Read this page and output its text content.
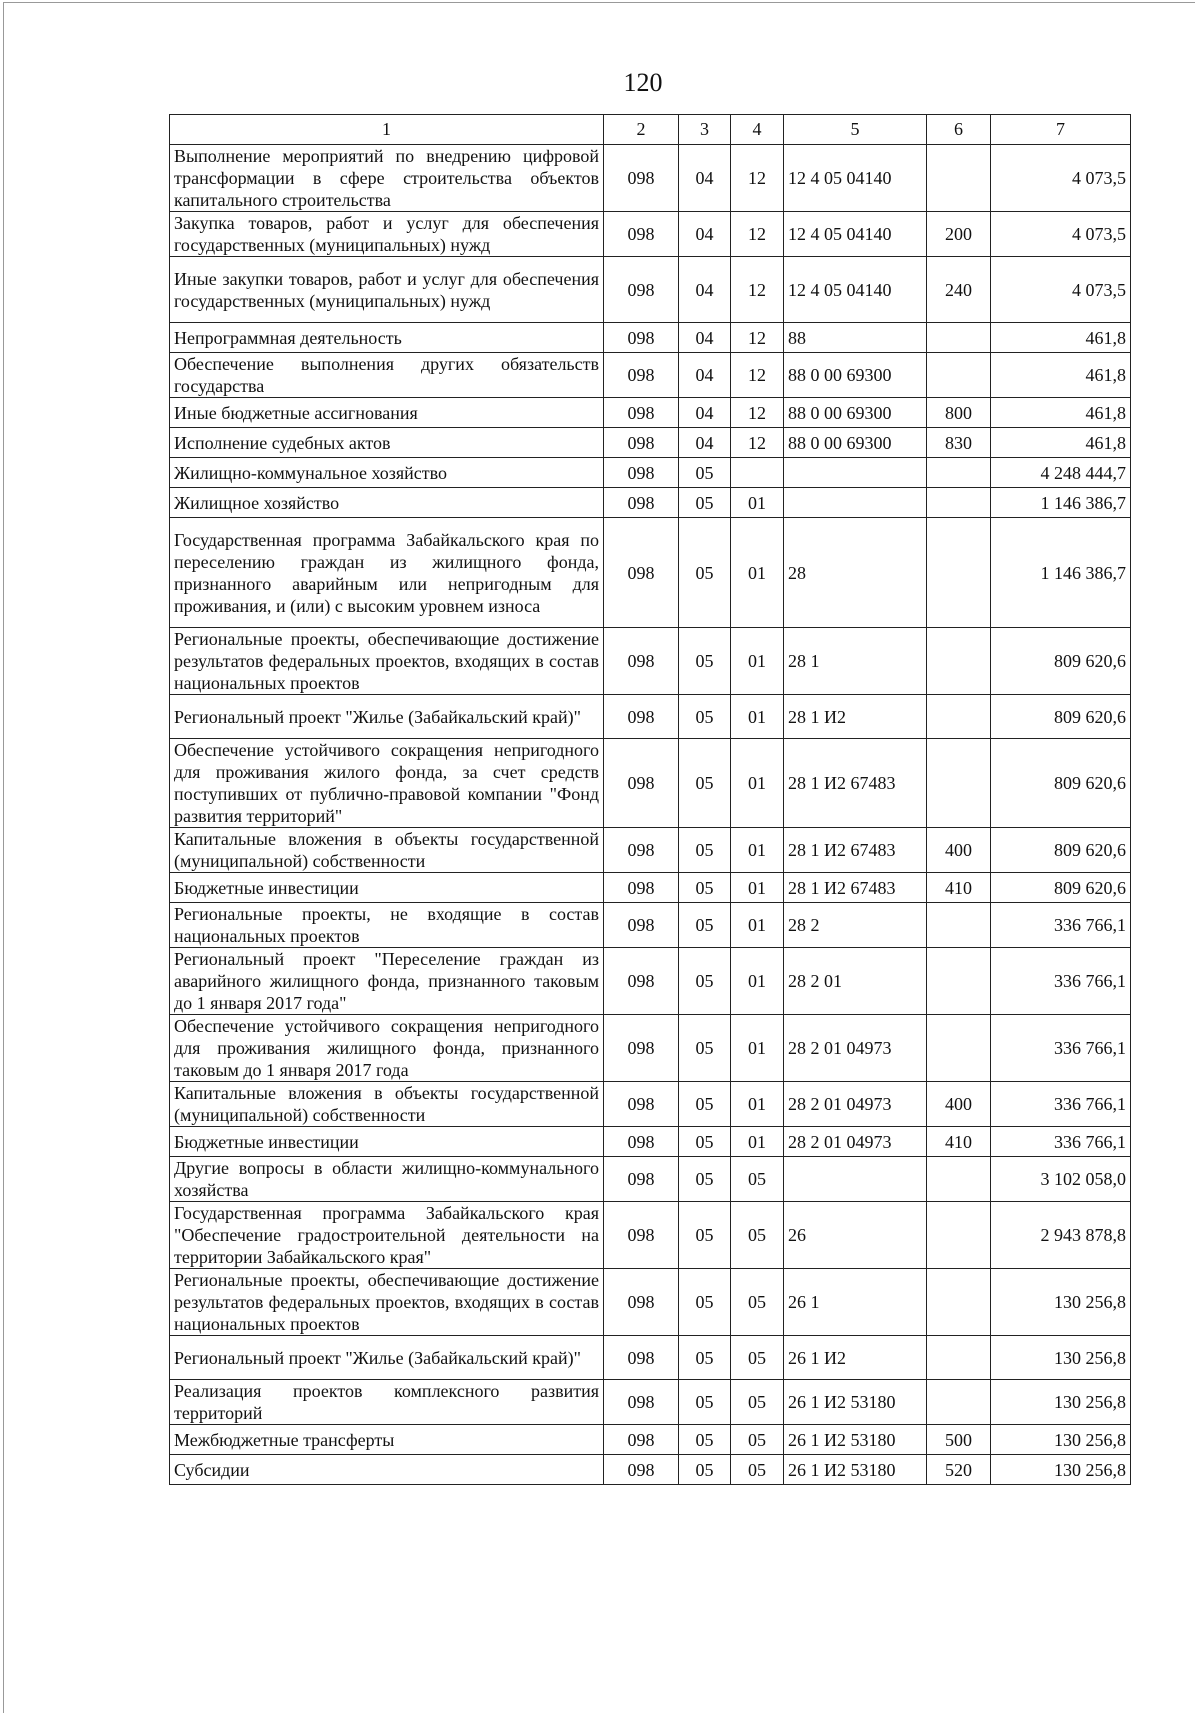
120
1	2	3	4	5	6	7
Выполнение мероприятий по внедрению цифровой трансформации в сфере строительства объектов капитального строительства	098	04	12	12 4 05 04140		4 073,5
Закупка товаров, работ и услуг для обеспечения государственных (муниципальных) нужд	098	04	12	12 4 05 04140	200	4 073,5
Иные закупки товаров, работ и услуг для обеспечения государственных (муниципальных) нужд	098	04	12	12 4 05 04140	240	4 073,5
Непрограммная деятельность	098	04	12	88		461,8
Обеспечение выполнения других обязательств государства	098	04	12	88 0 00 69300		461,8
Иные бюджетные ассигнования	098	04	12	88 0 00 69300	800	461,8
Исполнение судебных актов	098	04	12	88 0 00 69300	830	461,8
Жилищно-коммунальное хозяйство	098	05				4 248 444,7
Жилищное хозяйство	098	05	01			1 146 386,7
Государственная программа Забайкальского края по переселению граждан из жилищного фонда, признанного аварийным или непригодным для проживания, и (или) с высоким уровнем износа	098	05	01	28		1 146 386,7
Региональные проекты, обеспечивающие достижение результатов федеральных проектов, входящих в состав национальных проектов	098	05	01	28 1		809 620,6
Региональный проект "Жилье (Забайкальский край)"	098	05	01	28 1 И2		809 620,6
Обеспечение устойчивого сокращения непригодного для проживания жилого фонда, за счет средств поступивших от публично-правовой компании "Фонд развития территорий"	098	05	01	28 1 И2 67483		809 620,6
Капитальные вложения в объекты государственной (муниципальной) собственности	098	05	01	28 1 И2 67483	400	809 620,6
Бюджетные инвестиции	098	05	01	28 1 И2 67483	410	809 620,6
Региональные проекты, не входящие в состав национальных проектов	098	05	01	28 2		336 766,1
Региональный проект "Переселение граждан из аварийного жилищного фонда, признанного таковым до 1 января 2017 года"	098	05	01	28 2 01		336 766,1
Обеспечение устойчивого сокращения непригодного для проживания жилищного фонда, признанного таковым до 1 января 2017 года	098	05	01	28 2 01 04973		336 766,1
Капитальные вложения в объекты государственной (муниципальной) собственности	098	05	01	28 2 01 04973	400	336 766,1
Бюджетные инвестиции	098	05	01	28 2 01 04973	410	336 766,1
Другие вопросы в области жилищно-коммунального хозяйства	098	05	05			3 102 058,0
Государственная программа Забайкальского края "Обеспечение градостроительной деятельности на территории Забайкальского края"	098	05	05	26		2 943 878,8
Региональные проекты, обеспечивающие достижение результатов федеральных проектов, входящих в состав национальных проектов	098	05	05	26 1		130 256,8
Региональный проект "Жилье (Забайкальский край)"	098	05	05	26 1 И2		130 256,8
Реализация проектов комплексного развития территорий	098	05	05	26 1 И2 53180		130 256,8
Межбюджетные трансферты	098	05	05	26 1 И2 53180	500	130 256,8
Субсидии	098	05	05	26 1 И2 53180	520	130 256,8
